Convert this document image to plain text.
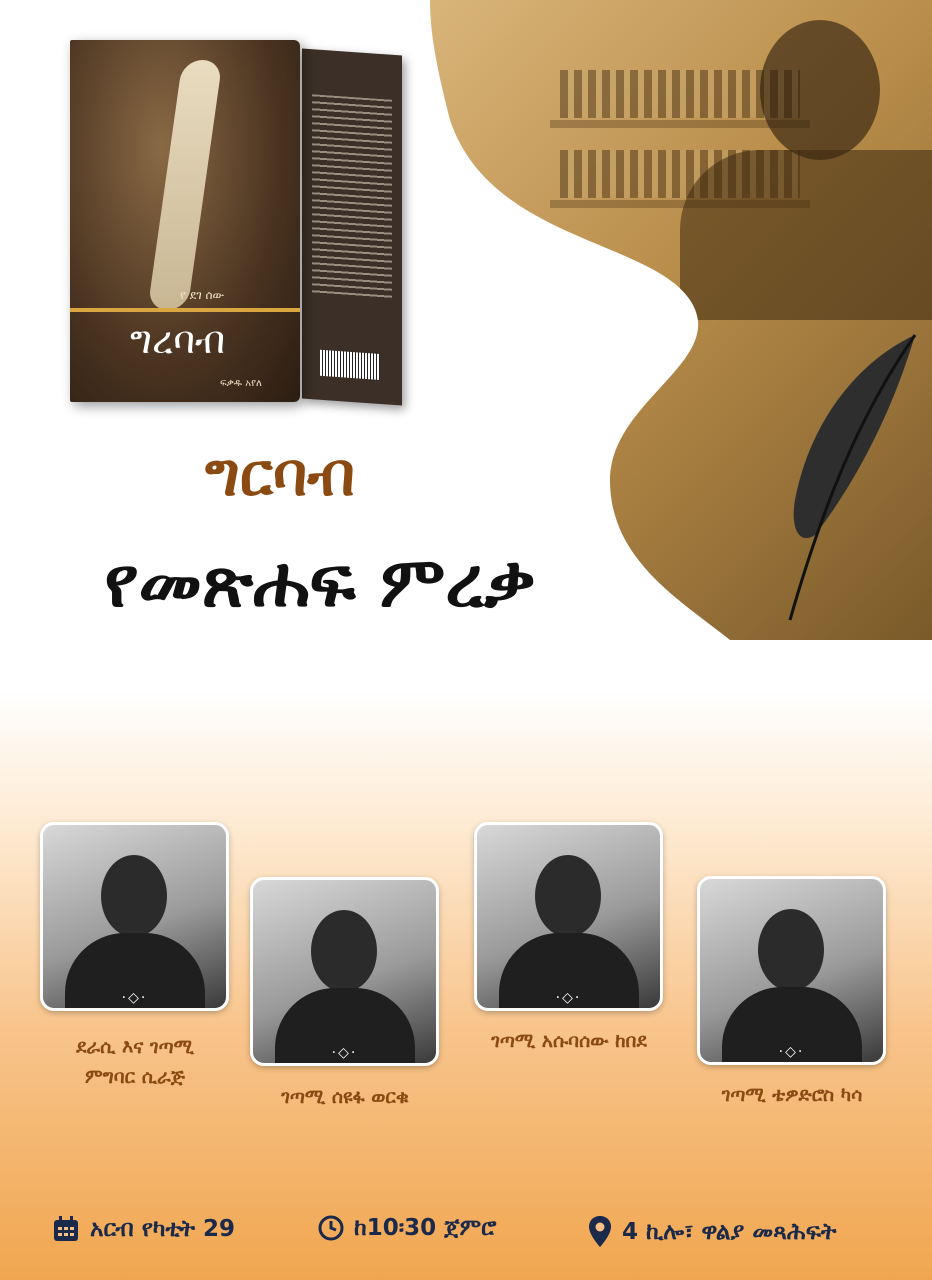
የ ደገ ሰው
ግረባብ
ፍቃዱ አየለ
ግርባብ
የመጽሐፍ ምረቃ
·◇·
ደራሲ እና ገጣሚ
ምግባር ሲራጅ
·◇·
ገጣሚ ሰዩፋ ወርቁ
·◇·
ገጣሚ አሱባሰው ከበደ	·◇·
ገጣሚ ቴዎድሮስ ካሳ
አርብ የካቲት 29	ከ10፡30 ጀምሮ	4 ኪሎ፣ ዋልያ መጻሕፍት
